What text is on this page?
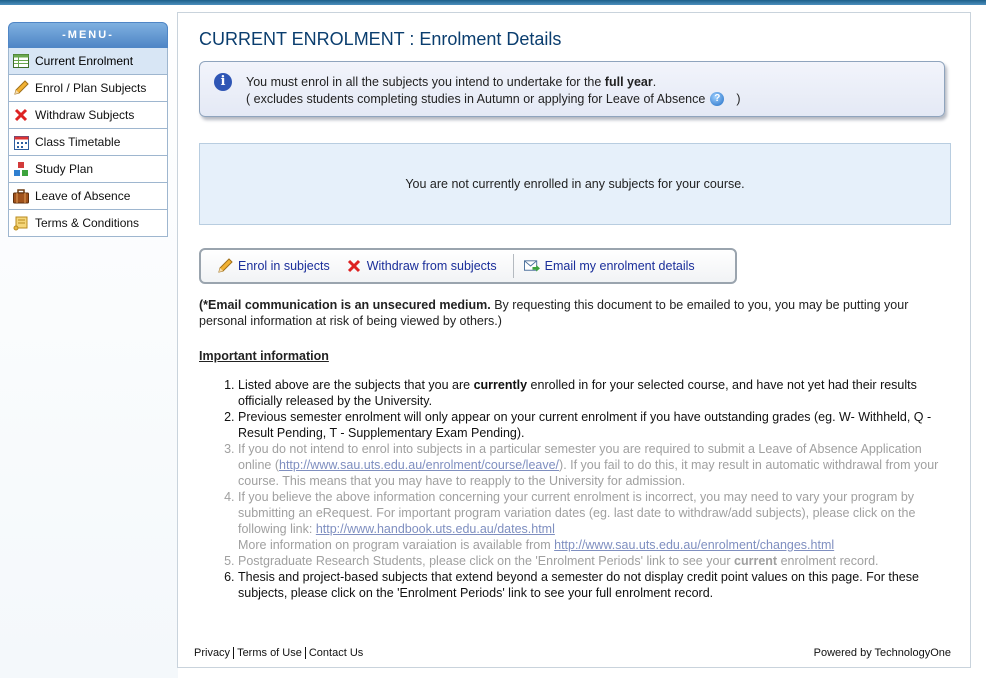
-MENU-
Current Enrolment
Enrol / Plan Subjects
Withdraw Subjects
Class Timetable
Study Plan
Leave of Absence
Terms & Conditions
CURRENT ENROLMENT : Enrolment Details
i	You must enrol in all the subjects you intend to undertake for the full year.
( excludes students completing studies in Autumn or applying for Leave of Absence ?	)
You are not currently enrolled in any subjects for your course.
Enrol in subjects	Withdraw from subjects	Email my enrolment details
(*Email communication is an unsecured medium. By requesting this document to be emailed to you, you may be putting your personal information at risk of being viewed by others.)
Important information
1. Listed above are the subjects that you are currently enrolled in for your selected course, and have not yet had their results officially released by the University.
2. Previous semester enrolment will only appear on your current enrolment if you have outstanding grades (eg. W- Withheld, Q - Result Pending, T - Supplementary Exam Pending).
3. If you do not intend to enrol into subjects in a particular semester you are required to submit a Leave of Absence Application online (http://www.sau.uts.edu.au/enrolment/course/leave/). If you fail to do this, it may result in automatic withdrawal from your course. This means that you may have to reapply to the University for admission.
4. If you believe the above information concerning your current enrolment is incorrect, you may need to vary your program by submitting an eRequest. For important program variation dates (eg. last date to withdraw/add subjects), please click on the following link: http://www.handbook.uts.edu.au/dates.html
More information on program varaiation is available from http://www.sau.uts.edu.au/enrolment/changes.html
5. Postgraduate Research Students, please click on the 'Enrolment Periods' link to see your current enrolment record.
6. Thesis and project-based subjects that extend beyond a semester do not display credit point values on this page. For these subjects, please click on the 'Enrolment Periods' link to see your full enrolment record.
Privacy Terms of Use Contact Us	Powered by TechnologyOne
